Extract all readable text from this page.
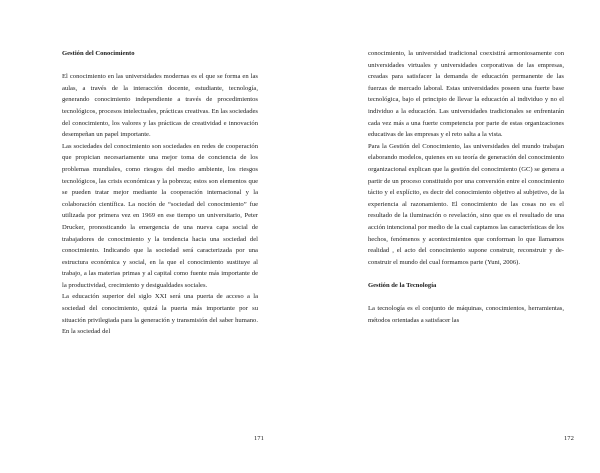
Gestión del Conocimiento

El conocimiento en las universidades modernas es el que se forma en las aulas, a través de la interacción docente, estudiante, tecnología, generando conocimiento independiente a través de procedimientos tecnológicos, procesos intelectuales, prácticas creativas. En las sociedades del conocimiento, los valores y las prácticas de creatividad e innovación desempeñan un papel importante.

Las sociedades del conocimiento son sociedades en redes de cooperación que propician necesariamente una mejor toma de conciencia de los problemas mundiales, como riesgos del medio ambiente, los riesgos tecnológicos, las crisis económicas y la pobreza; estos son elementos que se pueden tratar mejor mediante la cooperación internacional y la colaboración científica. La noción de “sociedad del conocimiento” fue utilizada por primera vez en 1969 en ese tiempo un universitario, Peter Drucker, pronosticando la emergencia de una nueva capa social de trabajadores de conocimiento y la tendencia hacia una sociedad del conocimiento. Indicando que la sociedad será caracterizada por una estructura económica y social, en la que el conocimiento sustituye al trabajo, a las materias primas y al capital como fuente más importante de la productividad, crecimiento y desigualdades sociales.

La educación superior del siglo XXI será una puerta de acceso a la sociedad del conocimiento, quizá la puerta más importante por su situación privilegiada para la generación y transmisión del saber humano. En la sociedad del

171

conocimiento, la universidad tradicional coexistirá armoniosamente con universidades virtuales y universidades corporativas de las empresas, creadas para satisfacer la demanda de educación permanente de las fuerzas de mercado laboral. Estas universidades poseen una fuerte base tecnológica, bajo el principio de llevar la educación al individuo y no el individuo a la educación. Las universidades tradicionales se enfrentarán cada vez más a una fuerte competencia por parte de estas organizaciones educativas de las empresas y el reto salta a la vista.

Para la Gestión del Conocimiento, las universidades del mundo trabajan elaborando modelos, quienes en su teoría de generación del conocimiento organizacional explican que la gestión del conocimiento (GC) se genera a partir de un proceso constituido por una conversión entre el conocimiento tácito y el explícito, es decir del conocimiento objetivo al subjetivo, de la experiencia al razonamiento. El conocimiento de las cosas no es el resultado de la iluminación o revelación, sino que es el resultado de una acción intencional por medio de la cual captamos las características de los hechos, fenómenos y acontecimientos que conforman lo que llamamos realidad , el acto del conocimiento supone construir, reconstruir y de-construir el mundo del cual formamos parte (Yuni, 2006).

Gestión de la Tecnología

La tecnología es el conjunto de máquinas, conocimientos, herramientas, métodos orientadas a satisfacer las

172
